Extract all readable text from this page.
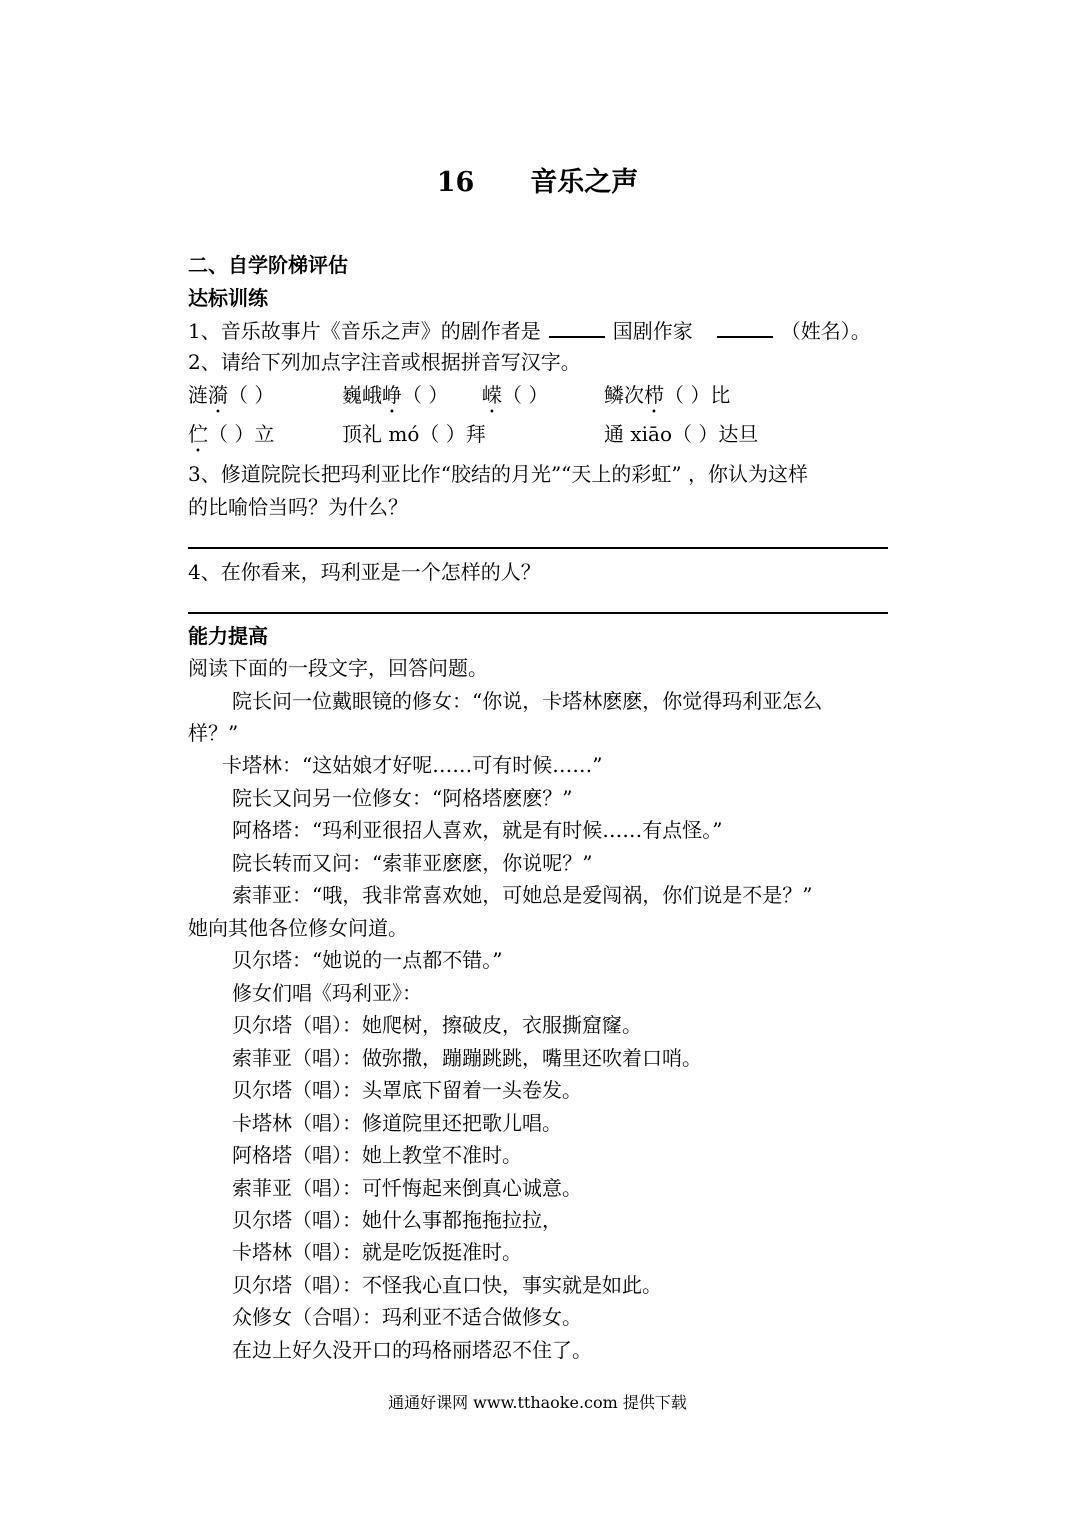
16 音乐之声
二、自学阶梯评估
达标训练
1、音乐故事片《音乐之声》的剧作者是	国剧作家	（姓名）。
2、请给下列加点字注音或根据拼音写汉字。
涟漪（ ）	巍峨峥（ ） 嵘（ ）	鳞次栉（ ）比
伫（ ）立	顶礼 mó（ ）拜	通 xiāo（ ）达旦
3、修道院院长把玛利亚比作“胶结的月光”“天上的彩虹” ，你认为这样
的比喻恰当吗？为什么？
4、在你看来，玛利亚是一个怎样的人？
能力提高
阅读下面的一段文字，回答问题。
院长问一位戴眼镜的修女：“你说，卡塔林麽麽，你觉得玛利亚怎么
样？”
卡塔林：“这姑娘才好呢……可有时候……”
院长又问另一位修女：“阿格塔麽麽？”
阿格塔：“玛利亚很招人喜欢，就是有时候……有点怪。”
院长转而又问：“索菲亚麽麽，你说呢？”
索菲亚：“哦，我非常喜欢她，可她总是爱闯祸，你们说是不是？”
她向其他各位修女问道。
贝尔塔：“她说的一点都不错。”
修女们唱《玛利亚》：
贝尔塔（唱）：她爬树，擦破皮，衣服撕窟窿。
索菲亚（唱）：做弥撒，蹦蹦跳跳，嘴里还吹着口哨。
贝尔塔（唱）：头罩底下留着一头卷发。
卡塔林（唱）：修道院里还把歌儿唱。
阿格塔（唱）：她上教堂不准时。
索菲亚（唱）：可忏悔起来倒真心诚意。
贝尔塔（唱）：她什么事都拖拖拉拉，
卡塔林（唱）：就是吃饭挺准时。
贝尔塔（唱）：不怪我心直口快，事实就是如此。
众修女（合唱）：玛利亚不适合做修女。
在边上好久没开口的玛格丽塔忍不住了。
通通好课网 www.tthaoke.com 提供下载
